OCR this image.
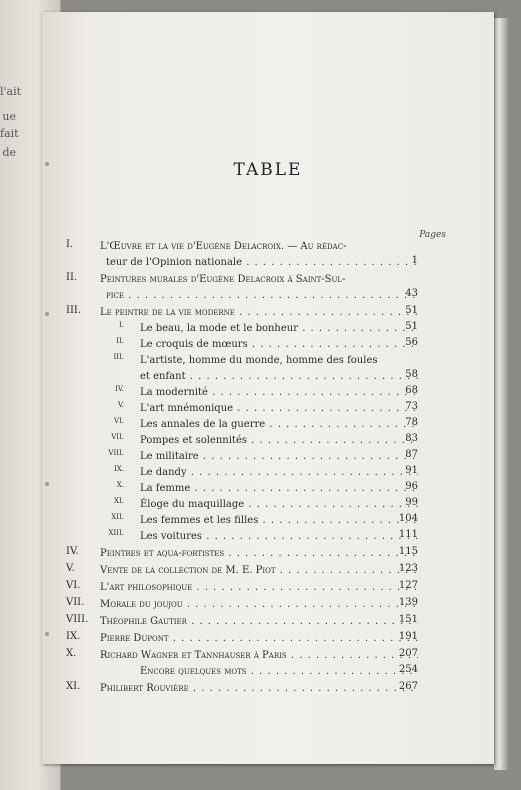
l'ait
ue
fait
de
TABLE
Pages
I.	L'Œuvre et la vie d'Eugène Delacroix. — Au rédac-
teur de l'Opinion nationale . . .	1
II.	Peintures murales d'Eugène Delacroix à Saint-Sul-
pice . . .	43
III.	Le peintre de la vie moderne . . .	51
I. Le beau, la mode et le bonheur . . .	51
II. Le croquis de mœurs . . .	56
III. L'artiste, homme du monde, homme des foules
et enfant . . .	58
IV. La modernité . . .	68
V. L'art mnémonique . . .	73
VI. Les annales de la guerre . . .	78
VII. Pompes et solennités . . .	83
VIII. Le militaire . . .	87
IX. Le dandy . . .	91
X. La femme . . .	96
XI. Éloge du maquillage . . .	99
XII. Les femmes et les filles . . .	104
XIII. Les voitures . . .	111
IV.	Peintres et aqua-fortistes . . .	115
V.	Vente de la collection de M. E. Piot . . .	123
VI.	L'art philosophique . . .	127
VII.	Morale du joujou . . .	139
VIII.	Théophile Gautier . . .	151
IX.	Pierre Dupont . . .	191
X.	Richard Wagner et Tannhauser à Paris . . .	207
Encore quelques mots . . .	254
XI.	Philibert Rouvière . . .	267
